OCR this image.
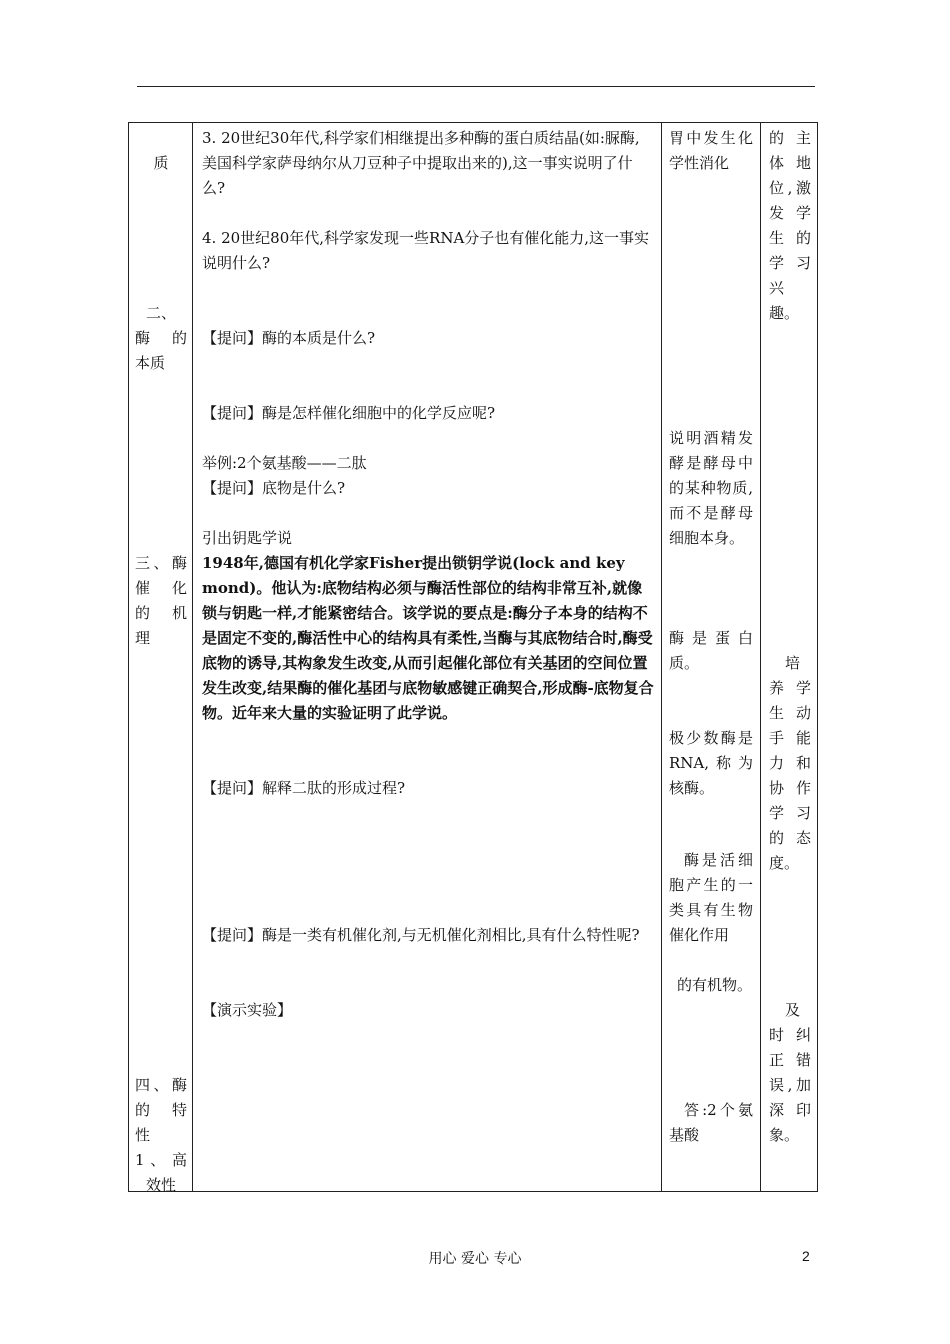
质
二、
酶 的
本质
三、酶
催 化
的 机
理
四、酶
的 特
性
1 、 高
效性
3. 20世纪30年代,科学家们相继提出多种酶的蛋白质结晶(如:脲酶,美国科学家萨母纳尔从刀豆种子中提取出来的),这一事实说明了什么?
4. 20世纪80年代,科学家发现一些RNA分子也有催化能力,这一事实说明什么?
【提问】酶的本质是什么?
【提问】酶是怎样催化细胞中的化学反应呢?
举例:2个氨基酸——二肽
【提问】底物是什么?
引出钥匙学说
1948年,德国有机化学家Fisher提出锁钥学说(lock and key mond)。他认为:底物结构必须与酶活性部位的结构非常互补,就像锁与钥匙一样,才能紧密结合。该学说的要点是:酶分子本身的结构不是固定不变的,酶活性中心的结构具有柔性,当酶与其底物结合时,酶受底物的诱导,其构象发生改变,从而引起催化部位有关基团的空间位置发生改变,结果酶的催化基团与底物敏感键正确契合,形成酶-底物复合物。近年来大量的实验证明了此学说。
【提问】解释二肽的形成过程?
【提问】酶是一类有机催化剂,与无机催化剂相比,具有什么特性呢?
【演示实验】
胃中发生化学性消化
说明酒精发酵是酵母中的某种物质,而不是酵母细胞本身。
酶是蛋白质。
极少数酶是RNA,称为核酶。
酶是活细胞产生的一类具有生物催化作用
的有机物。
答:2个氨基酸
的主体地位,激发学生的学习兴趣。
培养学生动手能力和协作学习的态度。
及时纠正错误,加深印象。
用心 爱心 专心	2
